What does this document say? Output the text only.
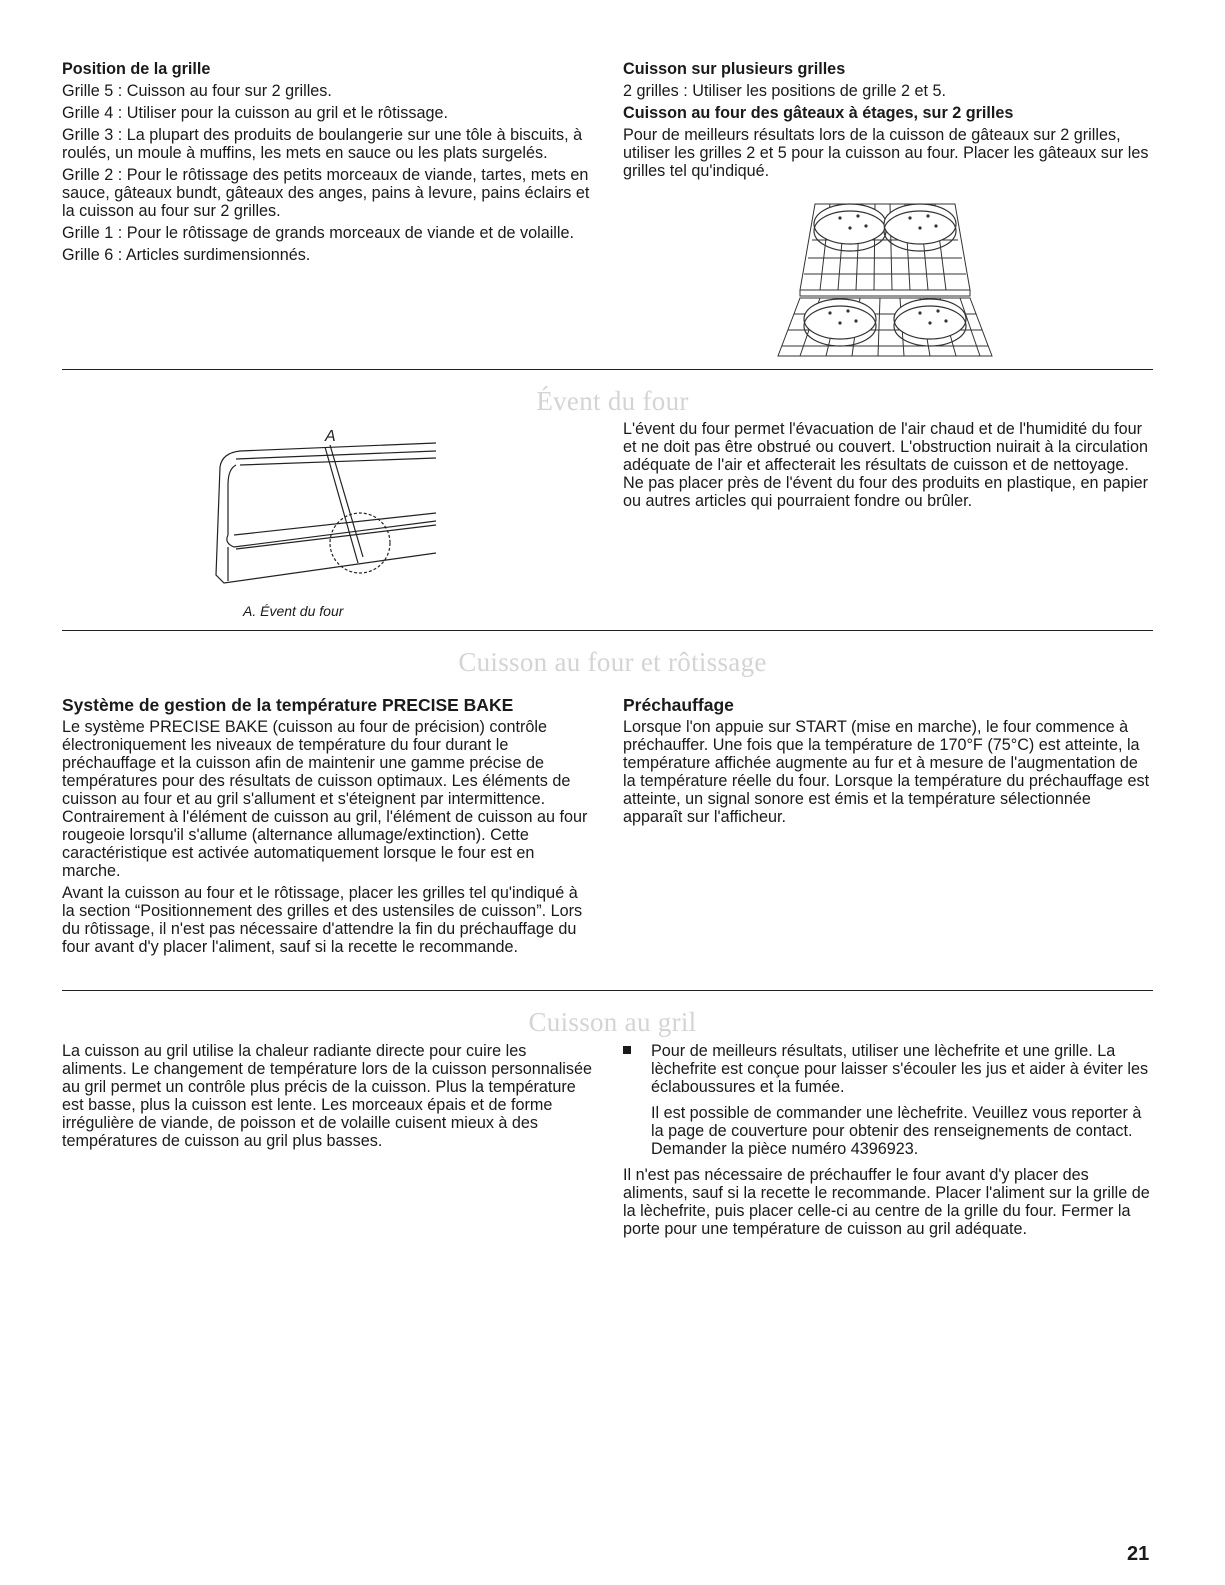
Position de la grille

Grille 5 : Cuisson au four sur 2 grilles.

Grille 4 : Utiliser pour la cuisson au gril et le rôtissage.

Grille 3 : La plupart des produits de boulangerie sur une tôle à biscuits, à roulés, un moule à muffins, les mets en sauce ou les plats surgelés.

Grille 2 : Pour le rôtissage des petits morceaux de viande, tartes, mets en sauce, gâteaux bundt, gâteaux des anges, pains à levure, pains éclairs et la cuisson au four sur 2 grilles.

Grille 1 : Pour le rôtissage de grands morceaux de viande et de volaille.

Grille 6 : Articles surdimensionnés.

Cuisson sur plusieurs grilles

2 grilles : Utiliser les positions de grille 2 et 5.

Cuisson au four des gâteaux à étages, sur 2 grilles

Pour de meilleurs résultats lors de la cuisson de gâteaux sur 2 grilles, utiliser les grilles 2 et 5 pour la cuisson au four. Placer les gâteaux sur les grilles tel qu'indiqué.

Évent du four
A
A. Évent du four
L'évent du four permet l'évacuation de l'air chaud et de l'humidité du four et ne doit pas être obstrué ou couvert. L'obstruction nuirait à la circulation adéquate de l'air et affecterait les résultats de cuisson et de nettoyage. Ne pas placer près de l'évent du four des produits en plastique, en papier ou autres articles qui pourraient fondre ou brûler.
Cuisson au four et rôtissage
Système de gestion de la température PRECISE BAKE

Le système PRECISE BAKE (cuisson au four de précision) contrôle électroniquement les niveaux de température du four durant le préchauffage et la cuisson afin de maintenir une gamme précise de températures pour des résultats de cuisson optimaux. Les éléments de cuisson au four et au gril s'allument et s'éteignent par intermittence. Contrairement à l'élément de cuisson au gril, l'élément de cuisson au four rougeoie lorsqu'il s'allume (alternance allumage/extinction). Cette caractéristique est activée automatiquement lorsque le four est en marche.

Avant la cuisson au four et le rôtissage, placer les grilles tel qu'indiqué à la section “Positionnement des grilles et des ustensiles de cuisson”. Lors du rôtissage, il n'est pas nécessaire d'attendre la fin du préchauffage du four avant d'y placer l'aliment, sauf si la recette le recommande.

Préchauffage

Lorsque l'on appuie sur START (mise en marche), le four commence à préchauffer. Une fois que la température de 170°F (75°C) est atteinte, la température affichée augmente au fur et à mesure de l'augmentation de la température réelle du four. Lorsque la température du préchauffage est atteinte, un signal sonore est émis et la température sélectionnée apparaît sur l'afficheur.

Cuisson au gril
La cuisson au gril utilise la chaleur radiante directe pour cuire les aliments. Le changement de température lors de la cuisson personnalisée au gril permet un contrôle plus précis de la cuisson. Plus la température est basse, plus la cuisson est lente. Les morceaux épais et de forme irrégulière de viande, de poisson et de volaille cuisent mieux à des températures de cuisson au gril plus basses.

Pour de meilleurs résultats, utiliser une lèchefrite et une grille. La lèchefrite est conçue pour laisser s'écouler les jus et aider à éviter les éclaboussures et la fumée.

Il est possible de commander une lèchefrite. Veuillez vous reporter à la page de couverture pour obtenir des renseignements de contact. Demander la pièce numéro 4396923.

Il n'est pas nécessaire de préchauffer le four avant d'y placer des aliments, sauf si la recette le recommande. Placer l'aliment sur la grille de la lèchefrite, puis placer celle-ci au centre de la grille du four. Fermer la porte pour une température de cuisson au gril adéquate.

21
